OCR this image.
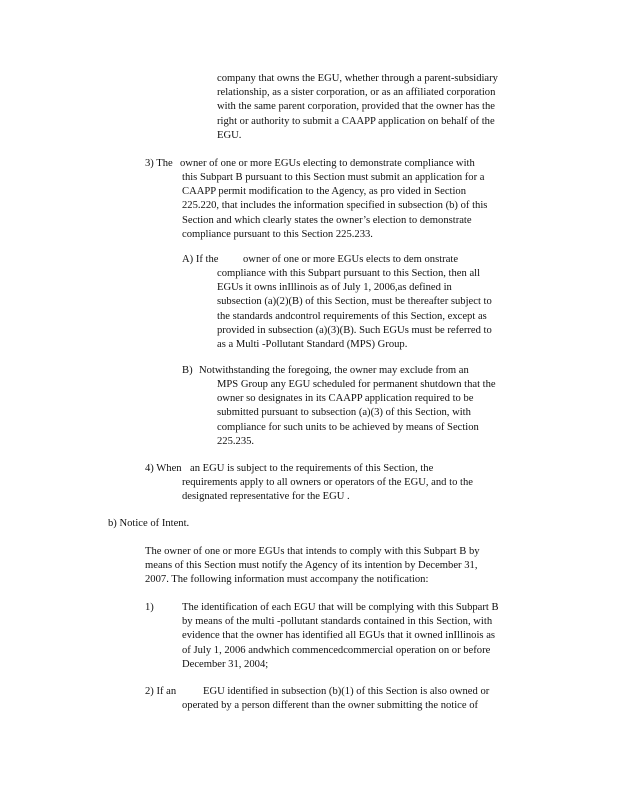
company that owns the EGU, whether through a parent-subsidiary
relationship, as a sister corporation, or as an affiliated corporation
with the same parent corporation, provided that the owner has the
right or authority to submit a CAAPP application on behalf of the
EGU.
3) The owner of one or more EGUs electing to demonstrate compliance with
this Subpart B pursuant to this Section must submit an application for a
CAAPP permit modification to the Agency, as pro vided in Section
225.220, that includes the information specified in subsection (b) of this
Section and which clearly states the owner’s election to demonstrate
compliance pursuant to this Section 225.233.
A) If the owner of one or more EGUs elects to dem onstrate
compliance with this Subpart pursuant to this Section, then all
EGUs it owns inIllinois as of July 1, 2006,as defined in
subsection (a)(2)(B) of this Section, must be thereafter subject to
the standards andcontrol requirements of this Section, except as
provided in subsection (a)(3)(B). Such EGUs must be referred to
as a Multi -Pollutant Standard (MPS) Group.
B) Notwithstanding the foregoing, the owner may exclude from an
MPS Group any EGU scheduled for permanent shutdown that the
owner so designates in its CAAPP application required to be
submitted pursuant to subsection (a)(3) of this Section, with
compliance for such units to be achieved by means of Section
225.235.
4) When an EGU is subject to the requirements of this Section, the
requirements apply to all owners or operators of the EGU, and to the
designated representative for the EGU .
b) Notice of Intent.
The owner of one or more EGUs that intends to comply with this Subpart B by
means of this Section must notify the Agency of its intention by December 31,
2007. The following information must accompany the notification:
1)	The identification of each EGU that will be complying with this Subpart B
by means of the multi -pollutant standards contained in this Section, with
evidence that the owner has identified all EGUs that it owned inIllinois as
of July 1, 2006 andwhich commencedcommercial operation on or before
December 31, 2004;
2) If an	EGU identified in subsection (b)(1) of this Section is also owned or
operated by a person different than the owner submitting the notice of
